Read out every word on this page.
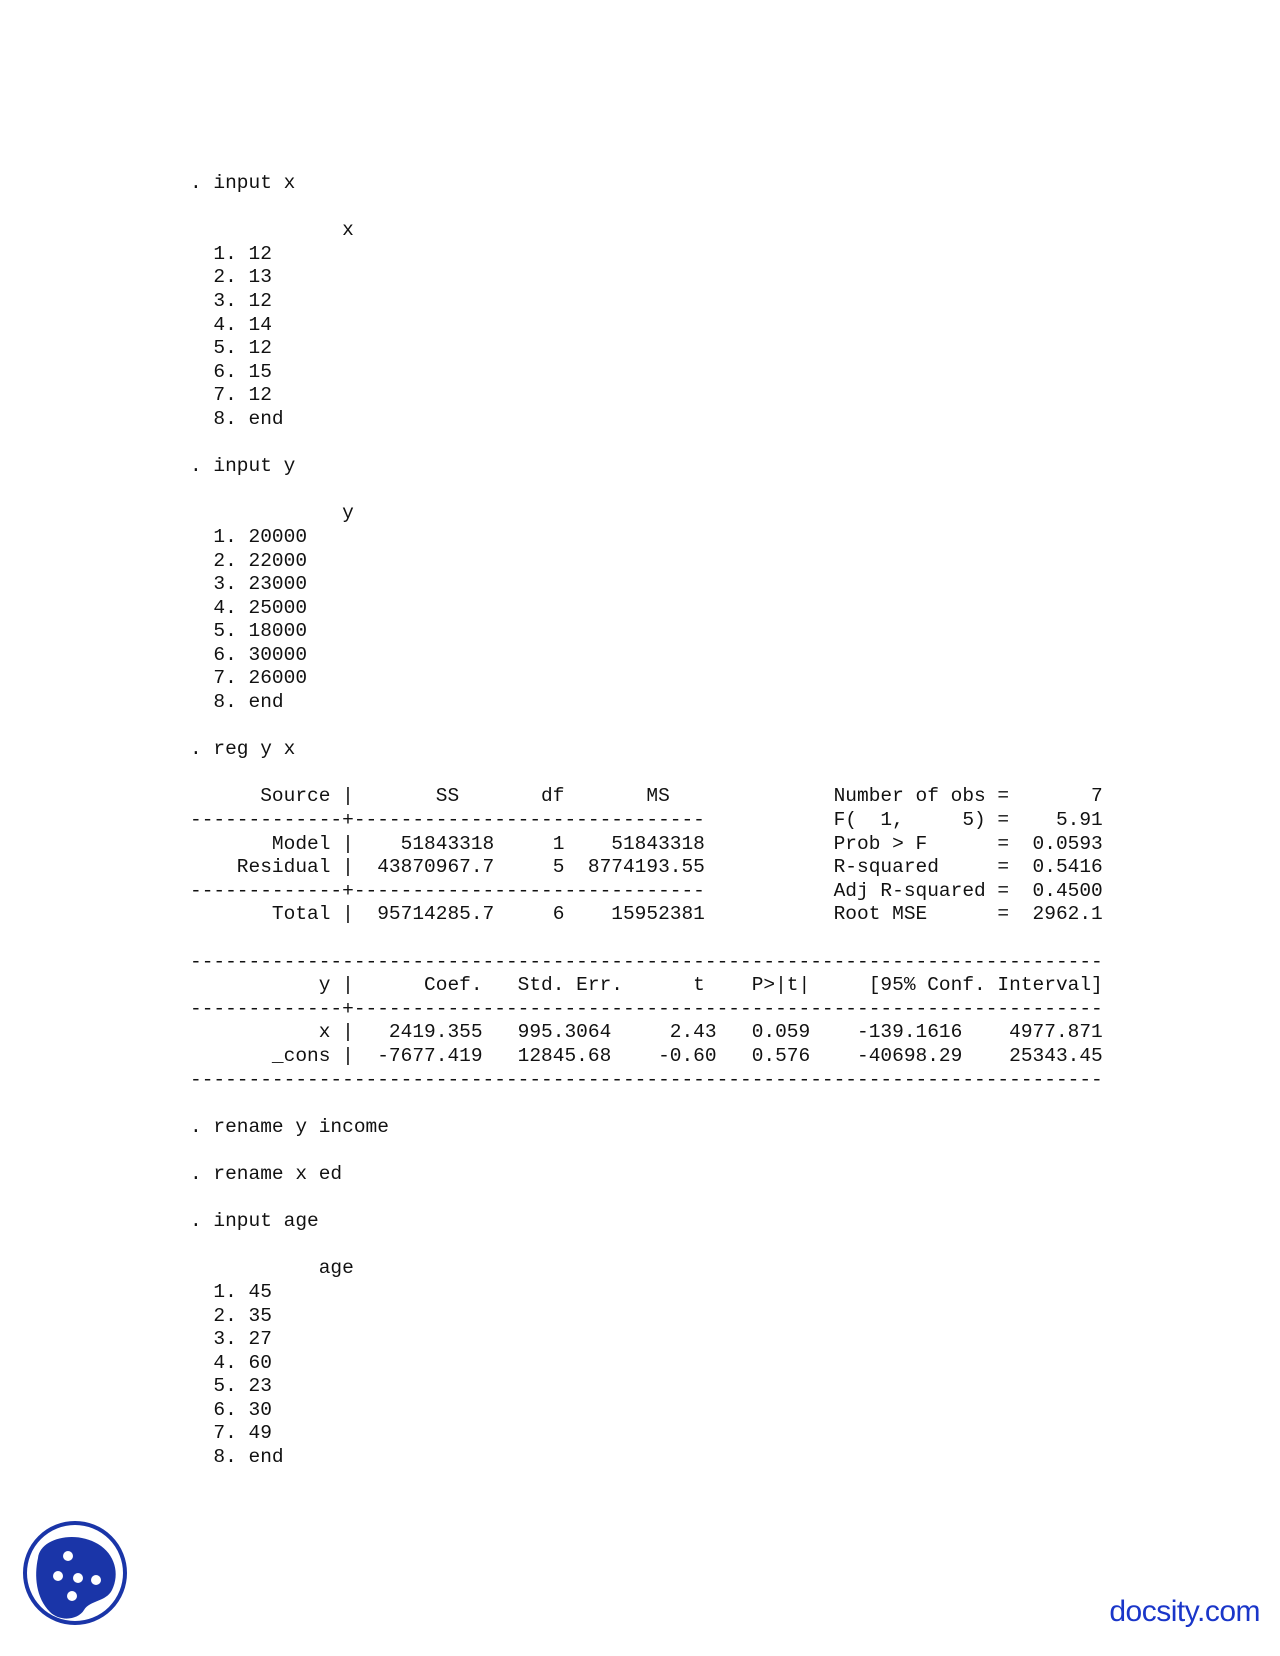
. input x

x
1. 12
2. 13
3. 12
4. 14
5. 12
6. 15
7. 12
8. end

. input y

y
1. 20000
2. 22000
3. 23000
4. 25000
5. 18000
6. 30000
7. 26000
8. end

. reg y x

Source |       SS       df       MS              Number of obs =       7
-------------+------------------------------           F(  1,     5) =    5.91
Model |    51843318     1    51843318           Prob > F      =  0.0593
Residual |  43870967.7     5  8774193.55           R-squared     =  0.5416
-------------+------------------------------           Adj R-squared =  0.4500
Total |  95714285.7     6    15952381           Root MSE      =  2962.1

------------------------------------------------------------------------------
y |      Coef.   Std. Err.      t    P>|t|     [95% Conf. Interval]
-------------+----------------------------------------------------------------
x |   2419.355   995.3064     2.43   0.059    -139.1616    4977.871
_cons |  -7677.419   12845.68    -0.60   0.576    -40698.29    25343.45
------------------------------------------------------------------------------

. rename y income

. rename x ed

. input age

age
1. 45
2. 35
3. 27
4. 60
5. 23
6. 30
7. 49
8. end
docsity.com
